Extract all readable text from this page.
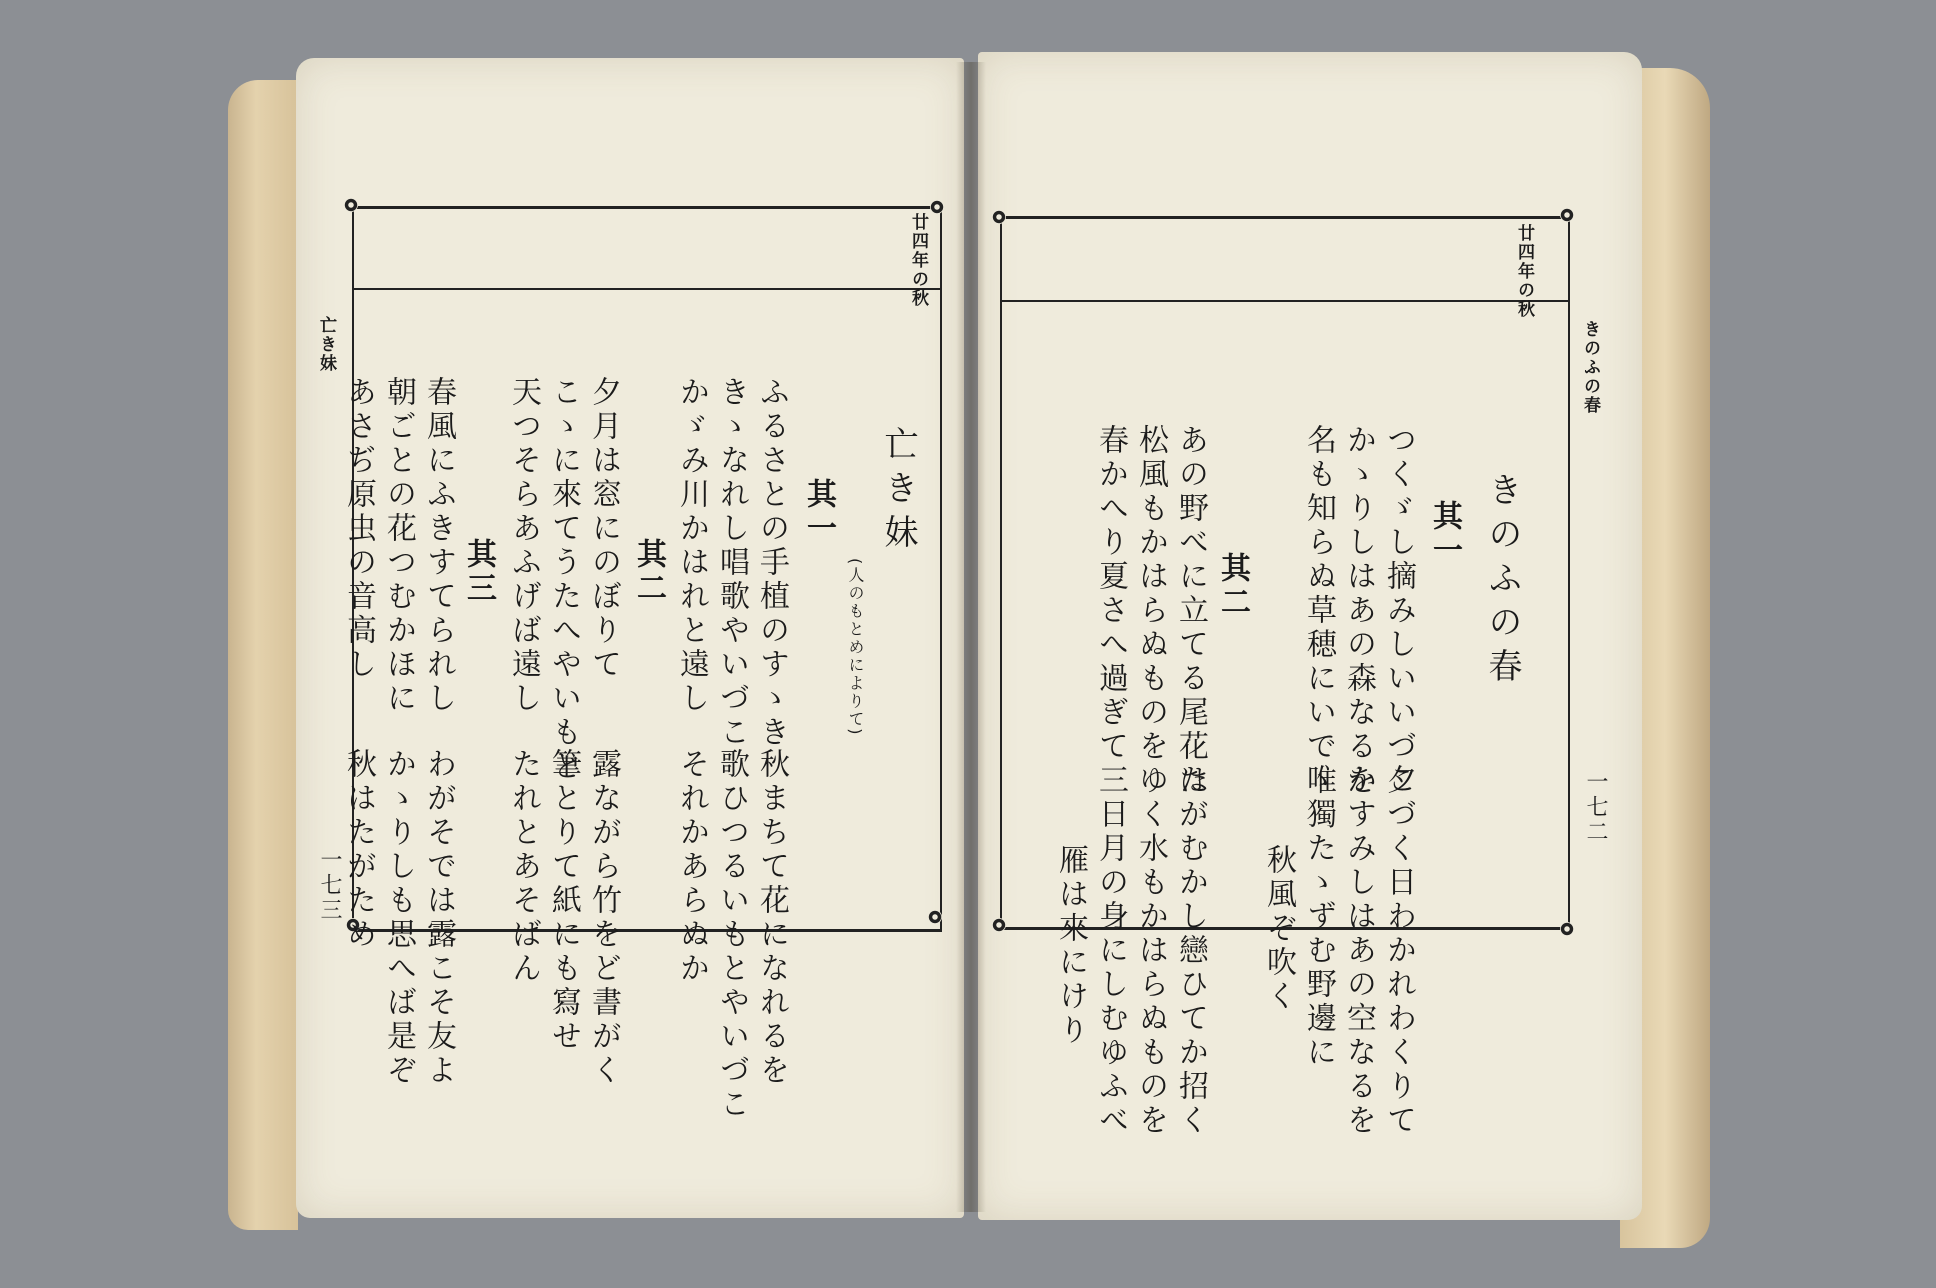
廿四年の秋
亡き妹
一七三
亡き妹
(人のもとめによりて)
其一
ふるさとの手植のすゝき
きゝなれし唱歌やいづこ
かゞみ川かはれと遠し
秋まちて花になれるを
歌ひつるいもとやいづこ
それかあらぬか
其二
夕月は窓にのぼりて
こゝに來てうたへやいもと
天つそらあふげば遠し
露ながら竹をど書がく
筆とりて紙にも寫せ
たれとあそばん
其三
春風にふきすてられし
朝ごとの花つむかほに
あさぢ原虫の音高し
わがそでは露こそ友よ
かゝりしも思へば是ぞ
秋はたがため
廿四年の秋
きのふの春
一七二
きのふの春
其一
つくゞし摘みしいいづこ
かゝりしはあの森なるを
名も知らぬ草穂にいでゝ
夕づく日わかれわくりて
かすみしはあの空なるを
唯獨たゝずむ野邊に
秋風ぞ吹く
其二
あの野べに立てる尾花は
松風もかはらぬものを
春かへり夏さへ過ぎて
たがむかし戀ひてか招く
ゆく水もかはらぬものを
三日月の身にしむゆふべ
雁は來にけり
